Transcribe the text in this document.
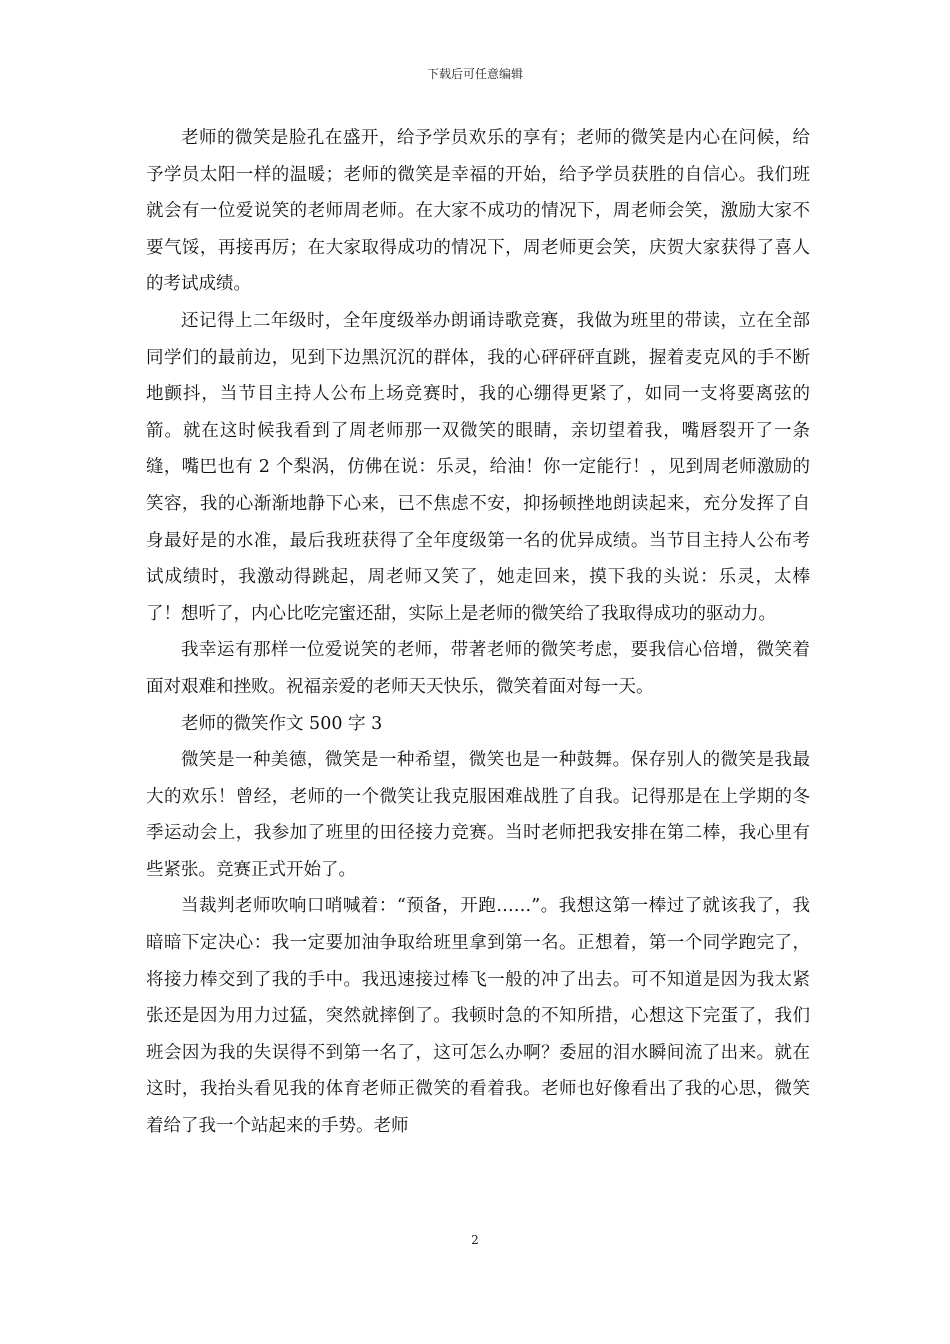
下载后可任意编辑

老师的微笑是脸孔在盛开，给予学员欢乐的享有；老师的微笑是内心在问候，给予学员太阳一样的温暖；老师的微笑是幸福的开始，给予学员获胜的自信心。我们班就会有一位爱说笑的老师周老师。在大家不成功的情况下，周老师会笑，激励大家不要气馁，再接再厉；在大家取得成功的情况下，周老师更会笑，庆贺大家获得了喜人的考试成绩。

还记得上二年级时，全年度级举办朗诵诗歌竞赛，我做为班里的带读，立在全部同学们的最前边，见到下边黑沉沉的群体，我的心砰砰砰直跳，握着麦克风的手不断地颤抖，当节目主持人公布上场竞赛时，我的心绷得更紧了，如同一支将要离弦的箭。就在这时候我看到了周老师那一双微笑的眼睛，亲切望着我，嘴唇裂开了一条缝，嘴巴也有 2 个梨涡，仿佛在说：乐灵，给油！你一定能行！，见到周老师激励的笑容，我的心渐渐地静下心来，已不焦虑不安，抑扬顿挫地朗读起来，充分发挥了自身最好是的水准，最后我班获得了全年度级第一名的优异成绩。当节目主持人公布考试成绩时，我激动得跳起，周老师又笑了，她走回来，摸下我的头说：乐灵，太棒了！想听了，内心比吃完蜜还甜，实际上是老师的微笑给了我取得成功的驱动力。

我幸运有那样一位爱说笑的老师，带著老师的微笑考虑，要我信心倍增，微笑着面对艰难和挫败。祝福亲爱的老师天天快乐，微笑着面对每一天。

老师的微笑作文 500 字 3

微笑是一种美德，微笑是一种希望，微笑也是一种鼓舞。保存别人的微笑是我最大的欢乐！曾经，老师的一个微笑让我克服困难战胜了自我。记得那是在上学期的冬季运动会上，我参加了班里的田径接力竞赛。当时老师把我安排在第二棒，我心里有些紧张。竞赛正式开始了。

当裁判老师吹响口哨喊着：“预备，开跑……”。我想这第一棒过了就该我了，我暗暗下定决心：我一定要加油争取给班里拿到第一名。正想着，第一个同学跑完了，将接力棒交到了我的手中。我迅速接过棒飞一般的冲了出去。可不知道是因为我太紧张还是因为用力过猛，突然就摔倒了。我顿时急的不知所措，心想这下完蛋了，我们班会因为我的失误得不到第一名了，这可怎么办啊？委屈的泪水瞬间流了出来。就在这时，我抬头看见我的体育老师正微笑的看着我。老师也好像看出了我的心思，微笑着给了我一个站起来的手势。老师

2
